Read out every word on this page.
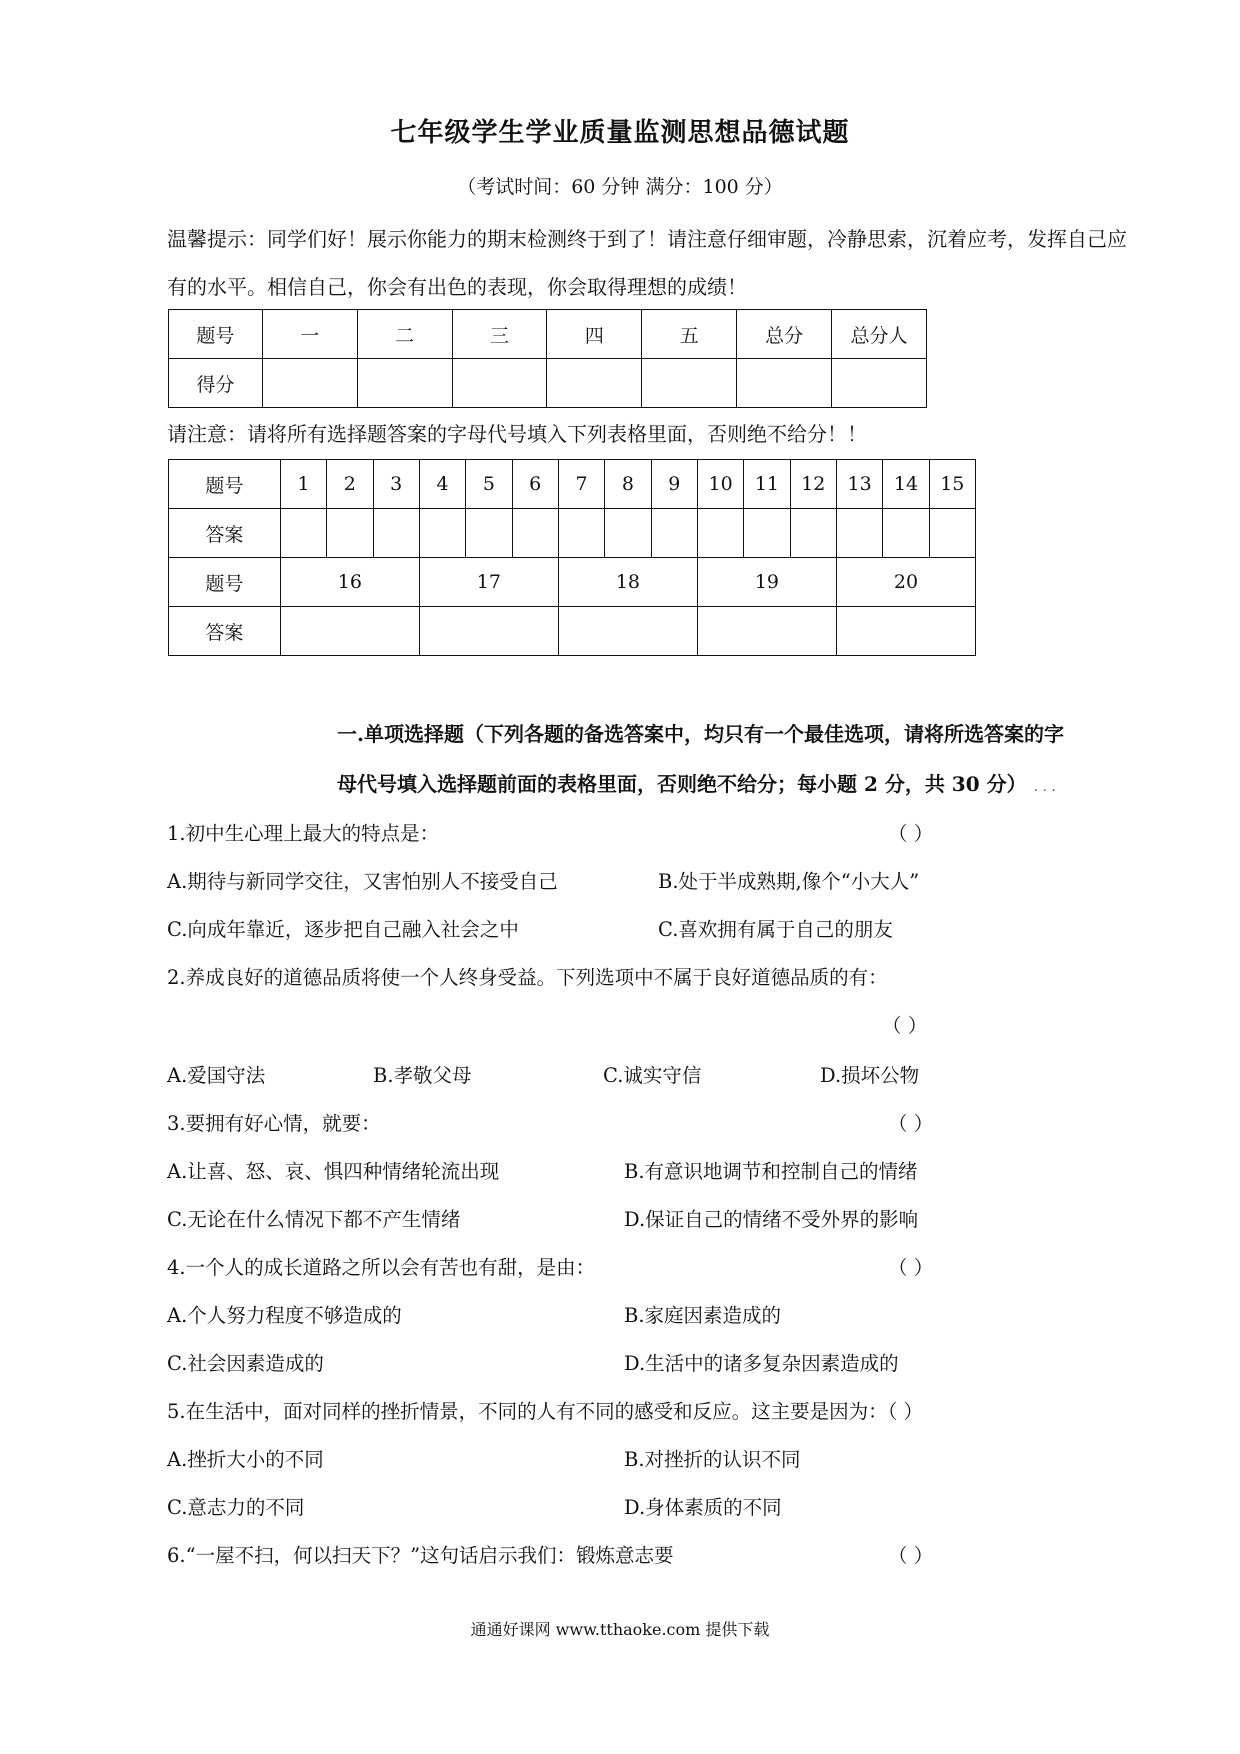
七年级学生学业质量监测思想品德试题
（考试时间：60 分钟 满分：100 分）
温馨提示：同学们好！展示你能力的期末检测终于到了！请注意仔细审题，冷静思索，沉着应考，发挥自己应有的水平。相信自己，你会有出色的表现，你会取得理想的成绩！
题号	一	二	三	四	五	总分	总分人
得分							
请注意：请将所有选择题答案的字母代号填入下列表格里面，否则绝不给分！！
题号	1	2	3	4	5	6	7	8	9	10	11	12	13	14	15
答案															
题号	16			17			18			19			20		
答案															
一.单项选择题（下列各题的备选答案中，均只有一个最佳选项，请将所选答案的字
母代号填入选择题前面的表格里面，否则绝不给分；每小题 2 分，共 30 分） . . .
1.初中生心理上最大的特点是：	（ ）
A.期待与新同学交往，又害怕别人不接受自己	B.处于半成熟期,像个“小大人”
C.向成年靠近，逐步把自己融入社会之中	C.喜欢拥有属于自己的朋友
2.养成良好的道德品质将使一个人终身受益。下列选项中不属于良好道德品质的有：
（ ）
A.爱国守法	B.孝敬父母	C.诚实守信	D.损坏公物
3.要拥有好心情，就要：	（ ）
A.让喜、怒、哀、惧四种情绪轮流出现	B.有意识地调节和控制自己的情绪
C.无论在什么情况下都不产生情绪	D.保证自己的情绪不受外界的影响
4.一个人的成长道路之所以会有苦也有甜，是由：	（ ）
A.个人努力程度不够造成的	B.家庭因素造成的
C.社会因素造成的	D.生活中的诸多复杂因素造成的
5.在生活中，面对同样的挫折情景，不同的人有不同的感受和反应。这主要是因为：（ ）
A.挫折大小的不同	B.对挫折的认识不同
C.意志力的不同	D.身体素质的不同
6.“一屋不扫，何以扫天下？”这句话启示我们：锻炼意志要	（ ）
通通好课网 www.tthaoke.com 提供下载
